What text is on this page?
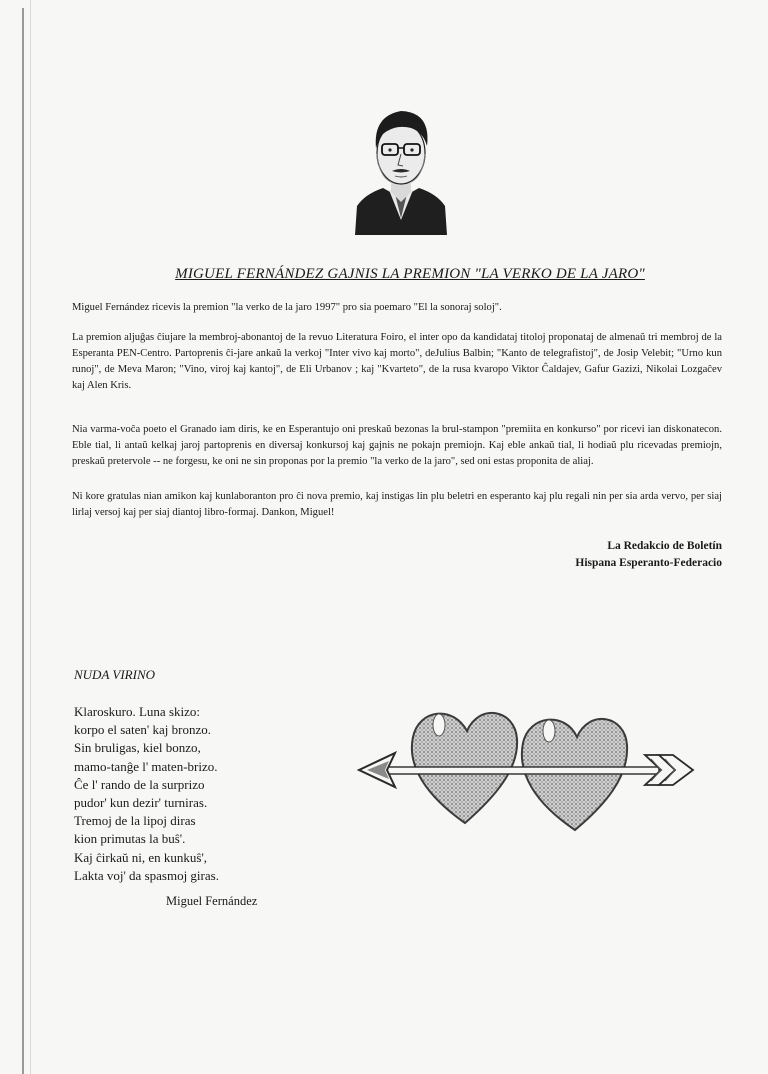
MIGUEL FERNÁNDEZ GAJNIS LA PREMION "LA VERKO DE LA JARO"

Miguel Fernández ricevis la premion "la verko de la jaro 1997" pro sia poemaro "El la sonoraj soloj".

La premion aljuĝas ĉiujare la membroj-abonantoj de la revuo Literatura Foiro, el inter opo da kandidataj titoloj proponataj de almenaŭ tri membroj de la Esperanta PEN-Centro. Partoprenis ĉi-jare ankaŭ la verkoj "Inter vivo kaj morto", deJulius Balbin; "Kanto de telegrafistoj", de Josip Velebit; "Urno kun runoj", de Meva Maron; "Vino, viroj kaj kantoj", de Eli Urbanov ; kaj "Kvarteto", de la rusa kvaropo Viktor Ĉaldajev, Gafur Gazizi, Nikolai Lozgaĉev kaj Alen Kris.

Nia varma-voĉa poeto el Granado iam diris, ke en Esperantujo oni preskaŭ bezonas la brul-stampon "premiita en konkurso" por ricevi ian diskonatecon. Eble tial, li antaŭ kelkaj jaroj partoprenis en diversaj konkursoj kaj gajnis ne pokajn premiojn. Kaj eble ankaŭ tial, li hodiaŭ plu ricevadas premiojn, preskaŭ pretervole -- ne forgesu, ke oni ne sin proponas por la premio "la verko de la jaro", sed oni estas proponita de aliaj.

Ni kore gratulas nian amikon kaj kunlaboranton pro ĉi nova premio, kaj instigas lin plu beletri en esperanto kaj plu regali nin per sia arda vervo, per siaj lirlaj versoj kaj per siaj diantoj libro-formaj. Dankon, Miguel!

La Redakcio de Boletín
Hispana Esperanto-Federacio
NUDA VIRINO
Klaroskuro. Luna skizo:
korpo el saten' kaj bronzo.
Sin bruligas, kiel bonzo,
mamo-tanĝe l' maten-brizo.
Ĉe l' rando de la surprizo
pudor' kun dezir' turniras.
Tremoj de la lipoj diras
kion primutas la buŝ'.
Kaj ĉirkaŭ ni, en kunkuŝ',
Lakta voj' da spasmoj giras.
Miguel Fernández
